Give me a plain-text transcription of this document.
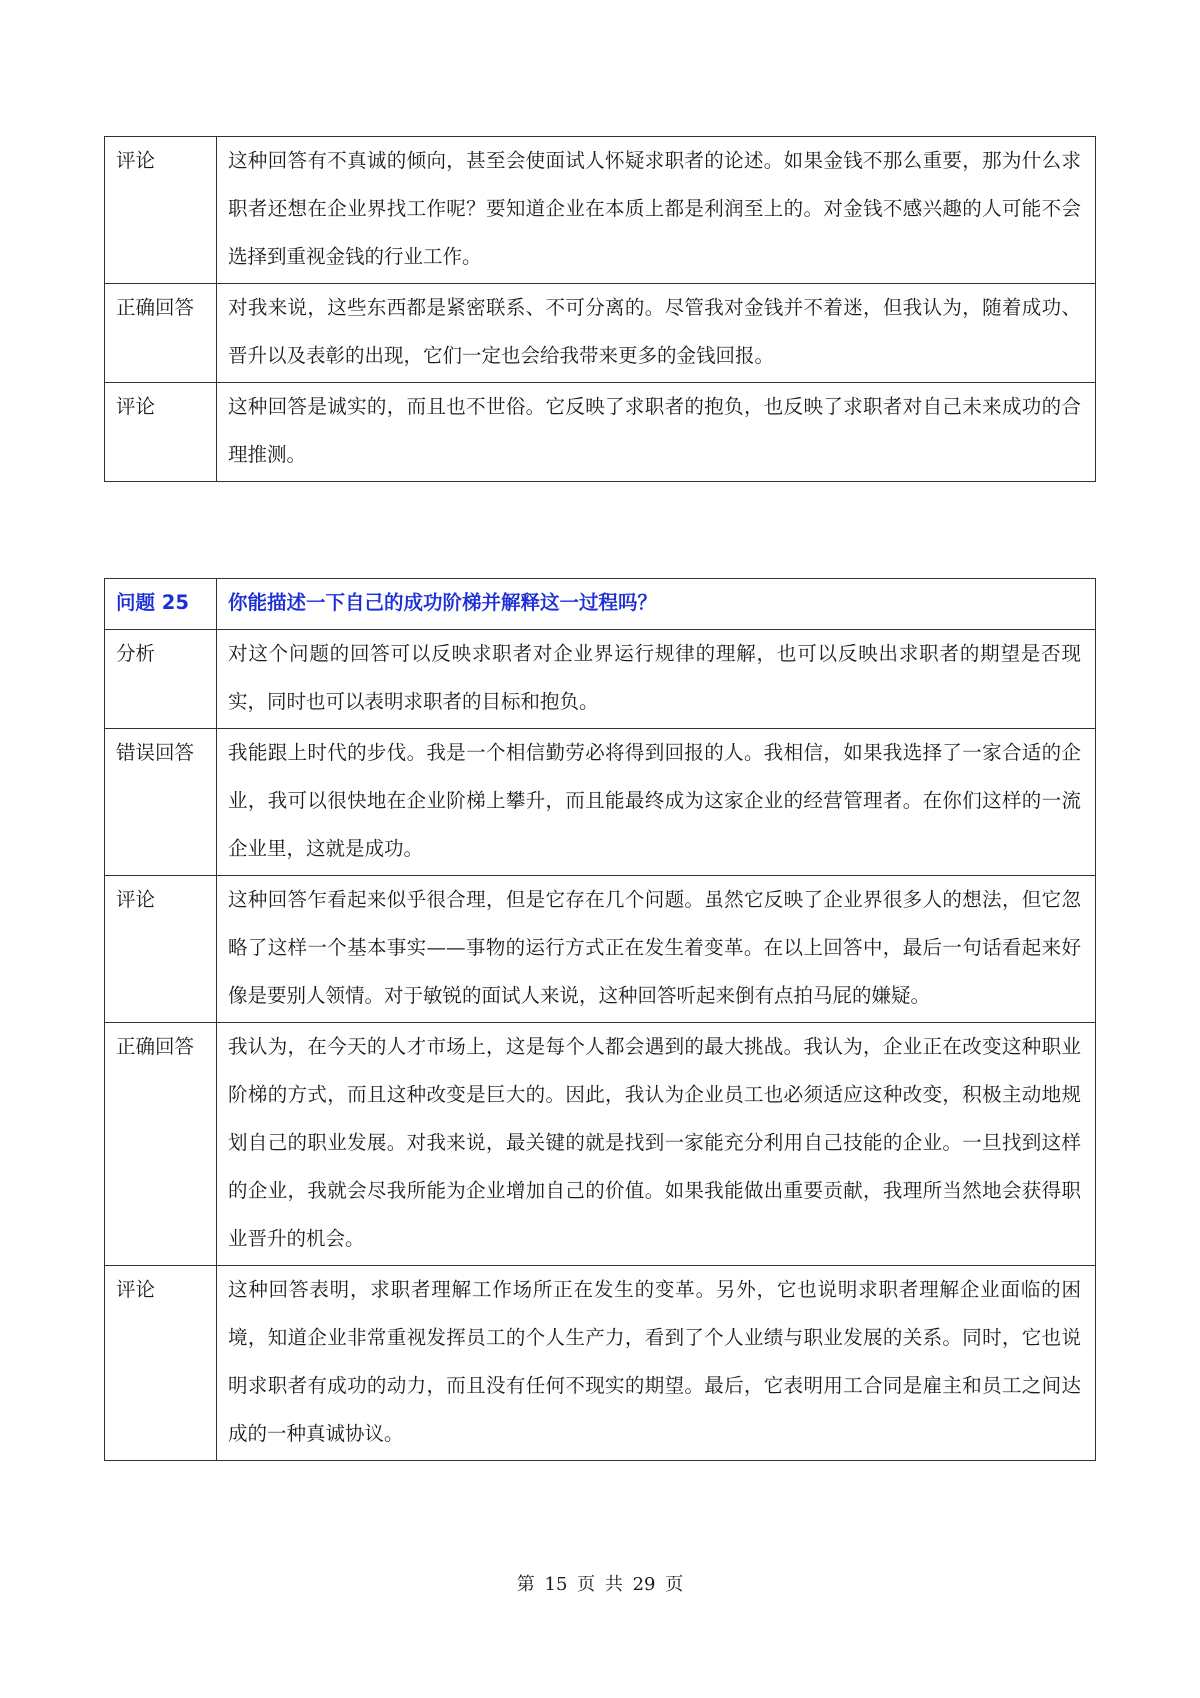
评论	这种回答有不真诚的倾向，甚至会使面试人怀疑求职者的论述。如果金钱不那么重要，那为什么求职者还想在企业界找工作呢？要知道企业在本质上都是利润至上的。对金钱不感兴趣的人可能不会选择到重视金钱的行业工作。
正确回答	对我来说，这些东西都是紧密联系、不可分离的。尽管我对金钱并不着迷，但我认为，随着成功、晋升以及表彰的出现，它们一定也会给我带来更多的金钱回报。
评论	这种回答是诚实的，而且也不世俗。它反映了求职者的抱负，也反映了求职者对自己未来成功的合理推测。
问题 25	你能描述一下自己的成功阶梯并解释这一过程吗？
分析	对这个问题的回答可以反映求职者对企业界运行规律的理解，也可以反映出求职者的期望是否现实，同时也可以表明求职者的目标和抱负。
错误回答	我能跟上时代的步伐。我是一个相信勤劳必将得到回报的人。我相信，如果我选择了一家合适的企业，我可以很快地在企业阶梯上攀升，而且能最终成为这家企业的经营管理者。在你们这样的一流企业里，这就是成功。
评论	这种回答乍看起来似乎很合理，但是它存在几个问题。虽然它反映了企业界很多人的想法，但它忽略了这样一个基本事实——事物的运行方式正在发生着变革。在以上回答中，最后一句话看起来好像是要别人领情。对于敏锐的面试人来说，这种回答听起来倒有点拍马屁的嫌疑。
正确回答	我认为，在今天的人才市场上，这是每个人都会遇到的最大挑战。我认为，企业正在改变这种职业阶梯的方式，而且这种改变是巨大的。因此，我认为企业员工也必须适应这种改变，积极主动地规划自己的职业发展。对我来说，最关键的就是找到一家能充分利用自己技能的企业。一旦找到这样的企业，我就会尽我所能为企业增加自己的价值。如果我能做出重要贡献，我理所当然地会获得职业晋升的机会。
评论	这种回答表明，求职者理解工作场所正在发生的变革。另外，它也说明求职者理解企业面临的困境，知道企业非常重视发挥员工的个人生产力，看到了个人业绩与职业发展的关系。同时，它也说明求职者有成功的动力，而且没有任何不现实的期望。最后，它表明用工合同是雇主和员工之间达成的一种真诚协议。
第 15 页 共 29 页
